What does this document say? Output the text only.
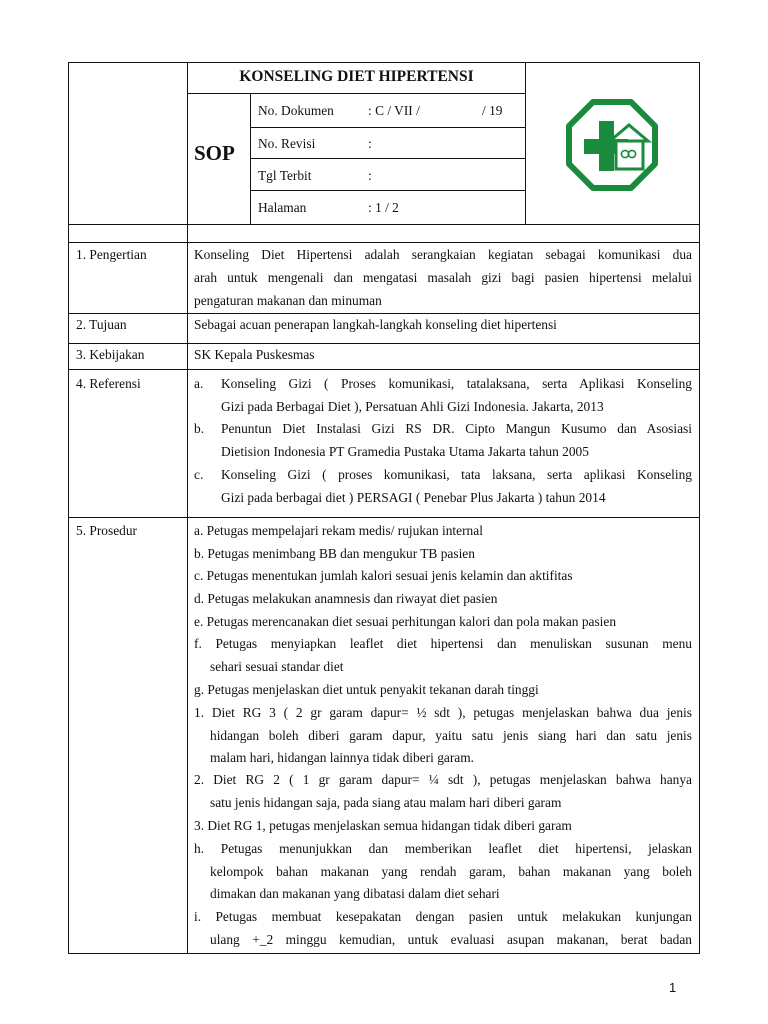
KONSELING DIET HIPERTENSI
SOP
No. Dokumen	: C / VII /	/ 19
No. Revisi	:
Tgl Terbit	:
Halaman	: 1 / 2
1. Pengertian	Konseling Diet Hipertensi adalah serangkaian kegiatan sebagai komunikasi dua
arah untuk mengenali dan mengatasi masalah gizi bagi pasien hipertensi melalui
pengaturan makanan dan minuman
2. Tujuan	Sebagai acuan penerapan langkah-langkah konseling diet hipertensi
3. Kebijakan	SK Kepala Puskesmas
4. Referensi	a. Konseling Gizi ( Proses komunikasi, tatalaksana, serta Aplikasi Konseling
Gizi pada Berbagai Diet ), Persatuan Ahli Gizi Indonesia. Jakarta, 2013
b. Penuntun Diet Instalasi Gizi RS DR. Cipto Mangun Kusumo dan Asosiasi
Dietision Indonesia PT Gramedia Pustaka Utama Jakarta tahun 2005
c. Konseling Gizi ( proses komunikasi, tata laksana, serta aplikasi Konseling
Gizi pada berbagai diet ) PERSAGI ( Penebar Plus Jakarta ) tahun 2014
5. Prosedur	a. Petugas mempelajari rekam medis/ rujukan internal
b. Petugas menimbang BB dan mengukur TB pasien
c. Petugas menentukan jumlah kalori sesuai jenis kelamin dan aktifitas
d. Petugas melakukan anamnesis dan riwayat diet pasien
e. Petugas merencanakan diet sesuai perhitungan kalori dan pola makan pasien
f. Petugas menyiapkan leaflet diet hipertensi dan menuliskan susunan menu
sehari sesuai standar diet
g. Petugas menjelaskan diet untuk penyakit tekanan darah tinggi
1. Diet RG 3 ( 2 gr garam dapur= ½ sdt ), petugas menjelaskan bahwa dua jenis
hidangan boleh diberi garam dapur, yaitu satu jenis siang hari dan satu jenis
malam hari, hidangan lainnya tidak diberi garam.
2. Diet RG 2 ( 1 gr garam dapur= ¼ sdt ), petugas menjelaskan bahwa hanya
satu jenis hidangan saja, pada siang atau malam hari diberi garam
3. Diet RG 1, petugas menjelaskan semua hidangan tidak diberi garam
h. Petugas menunjukkan dan memberikan leaflet diet hipertensi, jelaskan
kelompok bahan makanan yang rendah garam, bahan makanan yang boleh
dimakan dan makanan yang dibatasi dalam diet sehari
i. Petugas membuat kesepakatan dengan pasien untuk melakukan kunjungan
ulang +_2 minggu kemudian, untuk evaluasi asupan makanan, berat badan
1
